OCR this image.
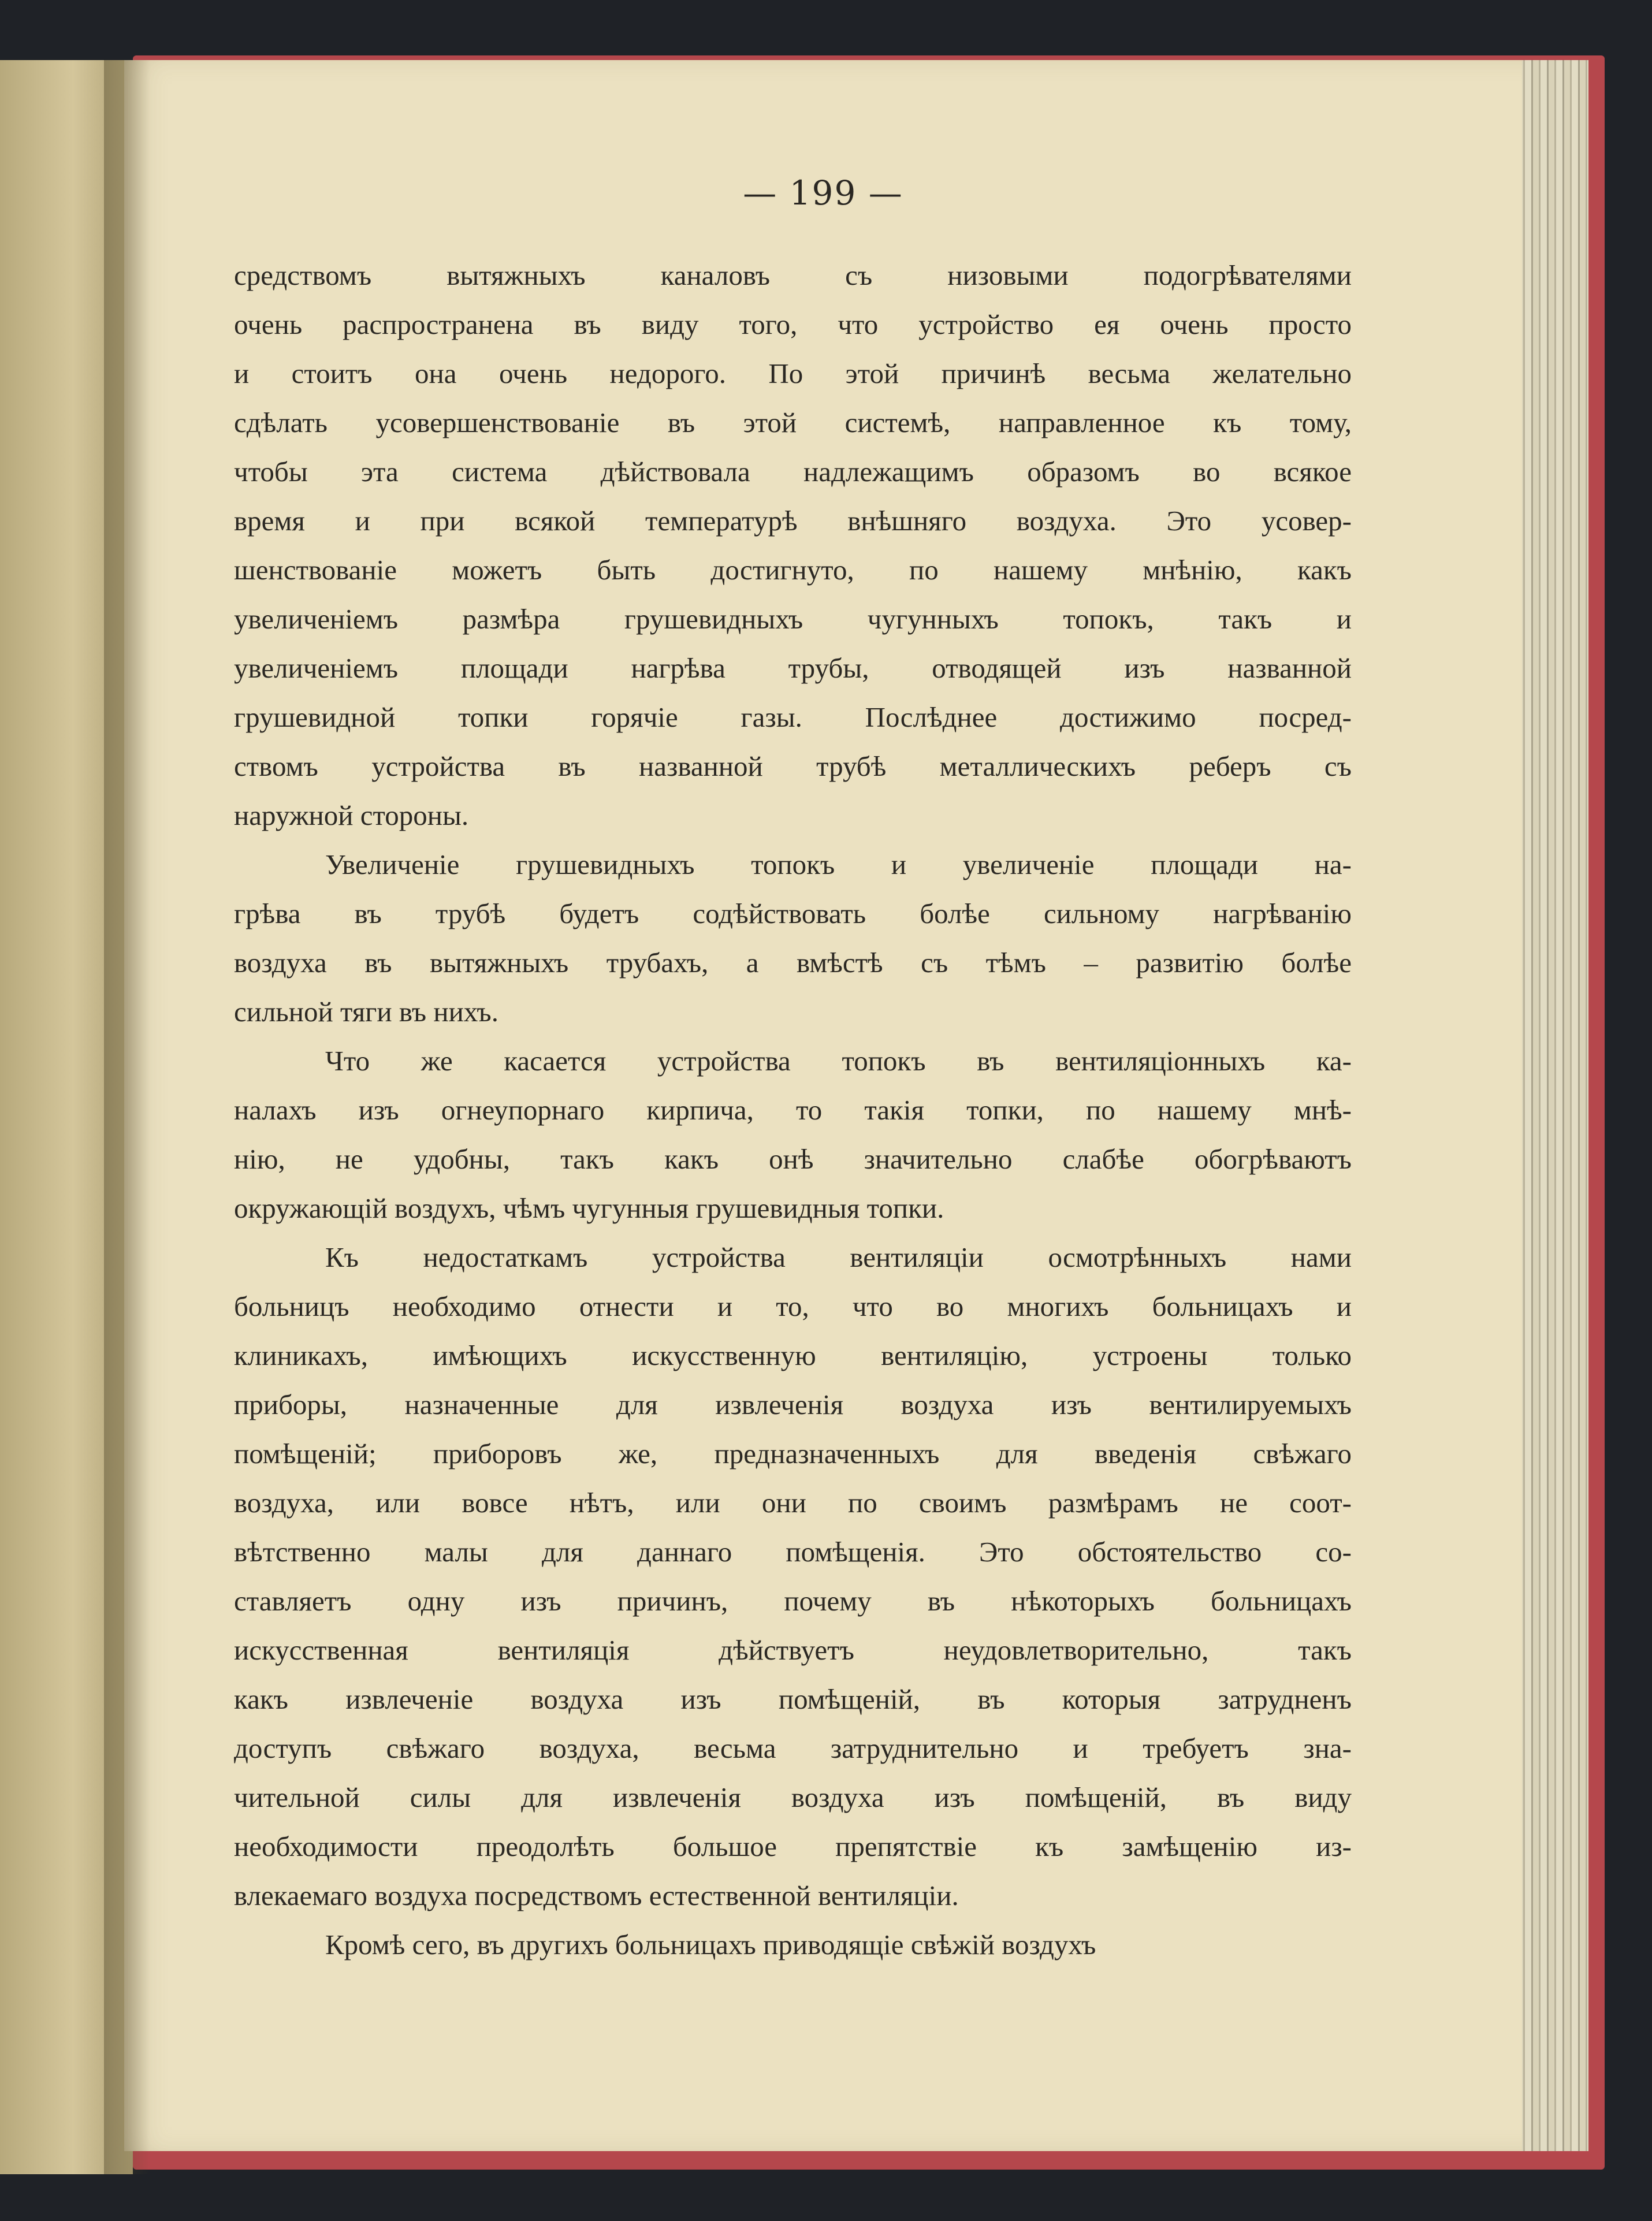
— 199 —
средствомъ вытяжныхъ каналовъ съ низовыми подогрѣвателями
очень распространена въ виду того, что устройство ея очень просто
и стоитъ она очень недорого. По этой причинѣ весьма желательно
сдѣлать усовершенствованіе въ этой системѣ, направленное къ тому,
чтобы эта система дѣйствовала надлежащимъ образомъ во всякое
время и при всякой температурѣ внѣшняго воздуха. Это усовер-
шенствованіе можетъ быть достигнуто, по нашему мнѣнію, какъ
увеличеніемъ размѣра грушевидныхъ чугунныхъ топокъ, такъ и
увеличеніемъ площади нагрѣва трубы, отводящей изъ названной
грушевидной топки горячіе газы. Послѣднее достижимо посред-
ствомъ устройства въ названной трубѣ металлическихъ реберъ съ
наружной стороны.
Увеличеніе грушевидныхъ топокъ и увеличеніе площади на-
грѣва въ трубѣ будетъ содѣйствовать болѣе сильному нагрѣванію
воздуха въ вытяжныхъ трубахъ, а вмѣстѣ съ тѣмъ – развитію болѣе
сильной тяги въ нихъ.
Что же касается устройства топокъ въ вентиляціонныхъ ка-
налахъ изъ огнеупорнаго кирпича, то такія топки, по нашему мнѣ-
нію, не удобны, такъ какъ онѣ значительно слабѣе обогрѣваютъ
окружающій воздухъ, чѣмъ чугунныя грушевидныя топки.
Къ недостаткамъ устройства вентиляціи осмотрѣнныхъ нами
больницъ необходимо отнести и то, что во многихъ больницахъ и
клиникахъ, имѣющихъ искусственную вентиляцію, устроены только
приборы, назначенные для извлеченія воздуха изъ вентилируемыхъ
помѣщеній; приборовъ же, предназначенныхъ для введенія свѣжаго
воздуха, или вовсе нѣтъ, или они по своимъ размѣрамъ не соот-
вѣтственно малы для даннаго помѣщенія. Это обстоятельство со-
ставляетъ одну изъ причинъ, почему въ нѣкоторыхъ больницахъ
искусственная вентиляція дѣйствуетъ неудовлетворительно, такъ
какъ извлеченіе воздуха изъ помѣщеній, въ которыя затрудненъ
доступъ свѣжаго воздуха, весьма затруднительно и требуетъ зна-
чительной силы для извлеченія воздуха изъ помѣщеній, въ виду
необходимости преодолѣть большое препятствіе къ замѣщенію из-
влекаемаго воздуха посредствомъ естественной вентиляціи.
Кромѣ сего, въ другихъ больницахъ приводящіе свѣжій воздухъ
